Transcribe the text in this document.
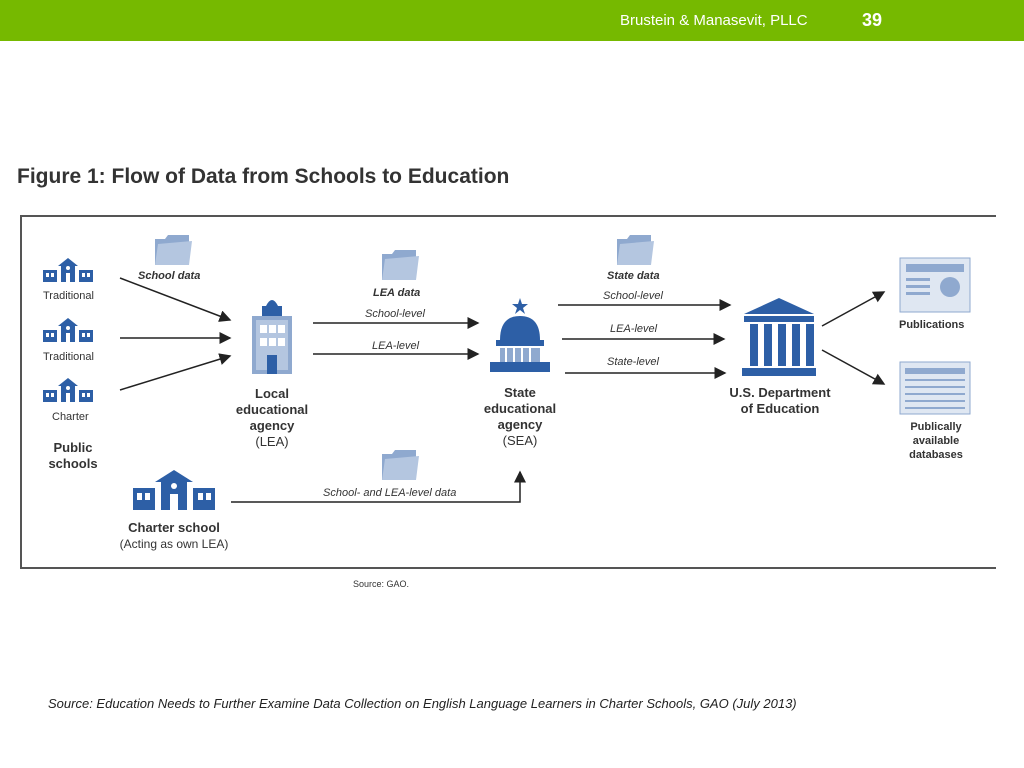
Brustein & Manasevit, PLLC	39
Figure 1: Flow of Data from Schools to Education
Traditional
Traditional
Charter
Public
schools
School data
Local
educational
agency
(LEA)
LEA data
School-level
LEA-level
State
educational
agency
(SEA)
State data
School-level
LEA-level
State-level
U.S. Department
of Education
Publications
Publically
available
databases
Charter school
(Acting as own LEA)
School- and LEA-level data
Source: GAO.
Source: Education Needs to Further Examine Data Collection on English Language Learners in Charter Schools, GAO (July 2013)
